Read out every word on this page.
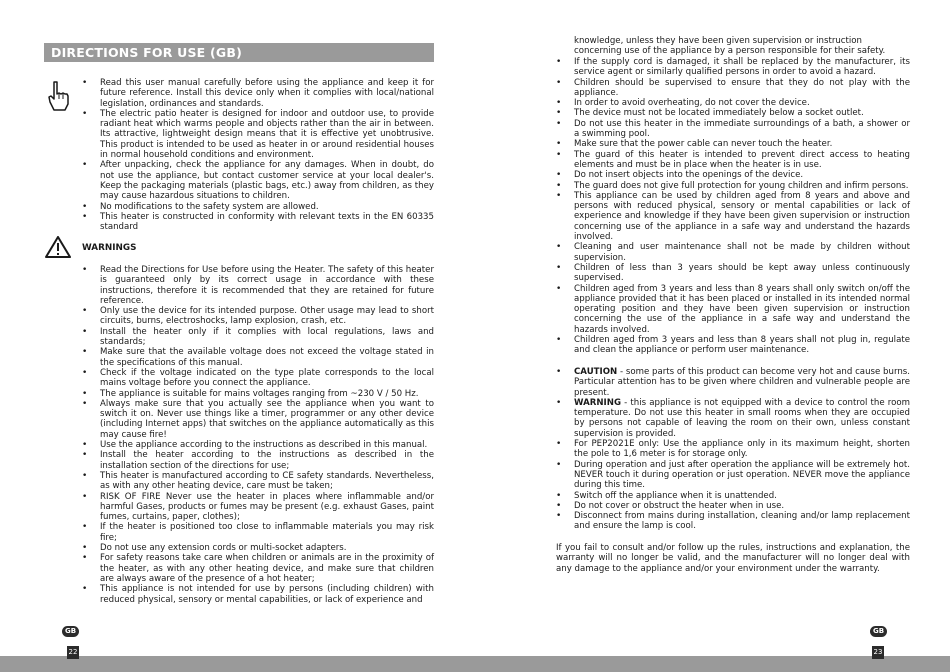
DIRECTIONS FOR USE (GB)
• Read this user manual carefully before using the appliance and keep it for future reference. Install this device only when it complies with local/national legislation, ordinances and standards.
• The electric patio heater is designed for indoor and outdoor use, to provide radiant heat which warms people and objects rather than the air in between. Its attractive, lightweight design means that it is effective yet unobtrusive. This product is intended to be used as heater in or around residential houses in normal household conditions and environment.
• After unpacking, check the appliance for any damages. When in doubt, do not use the appliance, but contact customer service at your local dealer's. Keep the packaging materials (plastic bags, etc.) away from children, as they may cause hazardous situations to children.
• No modifications to the safety system are allowed.
• This heater is constructed in conformity with relevant texts in the EN 60335 standard
WARNINGS
• Read the Directions for Use before using the Heater. The safety of this heater is guaranteed only by its correct usage in accordance with these instructions, therefore it is recommended that they are retained for future reference.
• Only use the device for its intended purpose. Other usage may lead to short circuits, burns, electroshocks, lamp explosion, crash, etc.
• Install the heater only if it complies with local regulations, laws and standards;
• Make sure that the available voltage does not exceed the voltage stated in the specifications of this manual.
• Check if the voltage indicated on the type plate corresponds to the local mains voltage before you connect the appliance.
• The appliance is suitable for mains voltages ranging from ~230 V / 50 Hz.
• Always make sure that you actually see the appliance when you want to switch it on. Never use things like a timer, programmer or any other device (including Internet apps) that switches on the appliance automatically as this may cause fire!
• Use the appliance according to the instructions as described in this manual.
• Install the heater according to the instructions as described in the installation section of the directions for use;
• This heater is manufactured according to CE safety standards. Nevertheless, as with any other heating device, care must be taken;
• RISK OF FIRE Never use the heater in places where inflammable and/or harmful Gases, products or fumes may be present (e.g. exhaust Gases, paint fumes, curtains, paper, clothes);
• If the heater is positioned too close to inflammable materials you may risk fire;
• Do not use any extension cords or multi-socket adapters.
• For safety reasons take care when children or animals are in the proximity of the heater, as with any other heating device, and make sure that children are always aware of the presence of a hot heater;
• This appliance is not intended for use by persons (including children) with reduced physical, sensory or mental capabilities, or lack of experience and
knowledge, unless they have been given supervision or instruction concerning use of the appliance by a person responsible for their safety.
• If the supply cord is damaged, it shall be replaced by the manufacturer, its service agent or similarly qualified persons in order to avoid a hazard.
• Children should be supervised to ensure that they do not play with the appliance.
• In order to avoid overheating, do not cover the device.
• The device must not be located immediately below a socket outlet.
• Do not use this heater in the immediate surroundings of a bath, a shower or a swimming pool.
• Make sure that the power cable can never touch the heater.
• The guard of this heater is intended to prevent direct access to heating elements and must be in place when the heater is in use.
• Do not insert objects into the openings of the device.
• The guard does not give full protection for young children and infirm persons.
• This appliance can be used by children aged from 8 years and above and persons with reduced physical, sensory or mental capabilities or lack of experience and knowledge if they have been given supervision or instruction concerning use of the appliance in a safe way and understand the hazards involved.
• Cleaning and user maintenance shall not be made by children without supervision.
• Children of less than 3 years should be kept away unless continuously supervised.
• Children aged from 3 years and less than 8 years shall only switch on/off the appliance provided that it has been placed or installed in its intended normal operating position and they have been given supervision or instruction concerning the use of the appliance in a safe way and understand the hazards involved.
• Children aged from 3 years and less than 8 years shall not plug in, regulate and clean the appliance or perform user maintenance.
• CAUTION - some parts of this product can become very hot and cause burns. Particular attention has to be given where children and vulnerable people are present.
• WARNING - this appliance is not equipped with a device to control the room temperature. Do not use this heater in small rooms when they are occupied by persons not capable of leaving the room on their own, unless constant supervision is provided.
• For PEP2021E only: Use the appliance only in its maximum height, shorten the pole to 1,6 meter is for storage only.
• During operation and just after operation the appliance will be extremely hot. NEVER touch it during operation or just operation. NEVER move the appliance during this time.
• Switch off the appliance when it is unattended.
• Do not cover or obstruct the heater when in use.
• Disconnect from mains during installation, cleaning and/or lamp replacement and ensure the lamp is cool.
If you fail to consult and/or follow up the rules, instructions and explanation, the warranty will no longer be valid, and the manufacturer will no longer deal with any damage to the appliance and/or your environment under the warranty.
GB	GB
22	23
